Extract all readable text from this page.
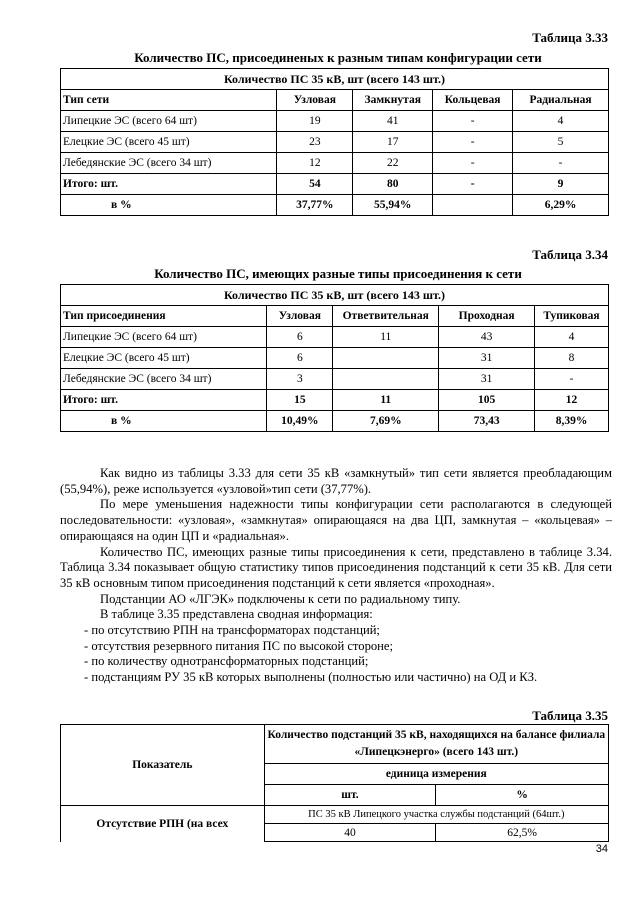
Таблица 3.33
Количество ПС, присоединеных к разным типам конфигурации сети
Количество ПС 35 кВ, шт (всего 143 шт.)				
Тип сети	Узловая	Замкнутая	Кольцевая	Радиальная
Липецкие ЭС (всего 64 шт)	19	41	-	4
Елецкие ЭС (всего 45 шт)	23	17	-	5
Лебедянские ЭС (всего 34 шт)	12	22	-	-
Итого: шт.	54	80	-	9
в %	37,77%	55,94%		6,29%
Таблица 3.34
Количество ПС, имеющих разные типы присоединения к сети
Количество ПС 35 кВ, шт (всего 143 шт.)				
Тип присоединения	Узловая	Ответвительная	Проходная	Тупиковая
Липецкие ЭС (всего 64 шт)	6	11	43	4
Елецкие ЭС (всего 45 шт)	6		31	8
Лебедянские ЭС (всего 34 шт)	3		31	-
Итого: шт.	15	11	105	12
в %	10,49%	7,69%	73,43	8,39%

Как видно из таблицы 3.33 для сети 35 кВ «замкнутый» тип сети является преобладающим (55,94%), реже используется «узловой»тип сети (37,77%).

По мере уменьшения надежности типы конфигурации сети располагаются в следующей последовательности: «узловая», «замкнутая» опирающаяся на два ЦП, замкнутая – «кольцевая» – опирающаяся на один ЦП и «радиальная».

Количество ПС, имеющих разные типы присоединения к сети, представлено в таблице 3.34. Таблица 3.34 показывает общую статистику типов присоединения подстанций к сети 35 кВ. Для сети 35 кВ основным типом присоединения подстанций к сети является «проходная».

Подстанции АО «ЛГЭК» подключены к сети по радиальному типу.

В таблице 3.35 представлена сводная информация:

- по отсутствию РПН на трансформаторах подстанций;

- отсутствия резервного питания ПС по высокой стороне;

- по количеству однотрансформаторных подстанций;

- подстанциям РУ 35 кВ которых выполнены (полностью или частично) на ОД и КЗ.

Таблица 3.35
Показатель	Количество подстанций 35 кВ, находящихся на балансе филиала «Липецкэнерго» (всего 143 шт.)	
	единица измерения	
	шт.	%
Отсутствие РПН (на всех	ПС 35 кВ Липецкого участка службы подстанций (64шт.)	
	40	62,5%
34
